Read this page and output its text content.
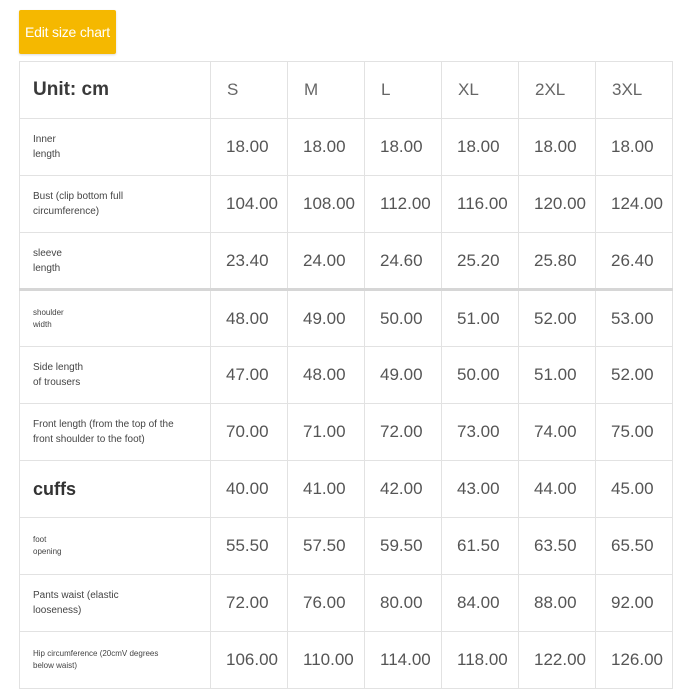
Edit size chart
Unit: cm	S	M	L	XL	2XL	3XL
Inner
length	18.00	18.00	18.00	18.00	18.00	18.00
Bust (clip bottom full
circumference)	104.00	108.00	112.00	116.00	120.00	124.00
sleeve
length	23.40	24.00	24.60	25.20	25.80	26.40
shoulder
width	48.00	49.00	50.00	51.00	52.00	53.00
Side length
of trousers	47.00	48.00	49.00	50.00	51.00	52.00
Front length (from the top of the
front shoulder to the foot)	70.00	71.00	72.00	73.00	74.00	75.00
cuffs	40.00	41.00	42.00	43.00	44.00	45.00
foot
opening	55.50	57.50	59.50	61.50	63.50	65.50
Pants waist (elastic
looseness)	72.00	76.00	80.00	84.00	88.00	92.00
Hip circumference (20cmV degrees
below waist)	106.00	110.00	114.00	118.00	122.00	126.00
